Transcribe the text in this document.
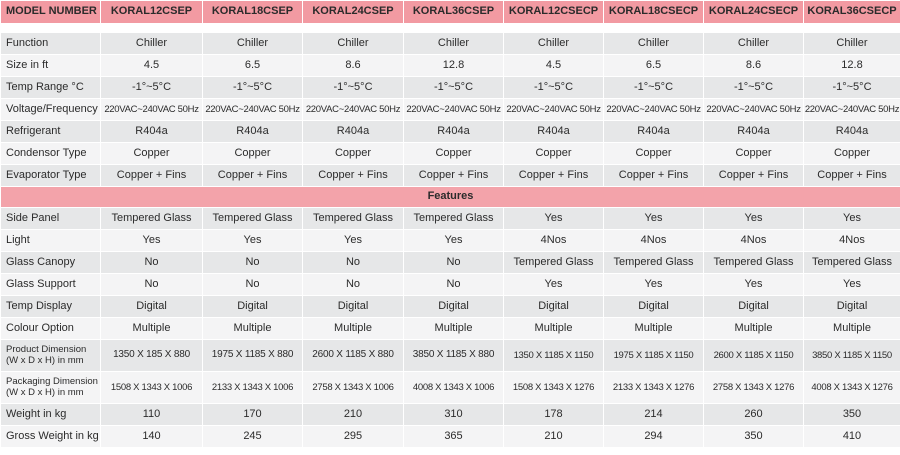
MODEL NUMBER	KORAL12CSEP	KORAL18CSEP	KORAL24CSEP	KORAL36CSEP	KORAL12CSECP	KORAL18CSECP	KORAL24CSECP	KORAL36CSECP

Function	Chiller	Chiller	Chiller	Chiller	Chiller	Chiller	Chiller	Chiller
Size in ft	4.5	6.5	8.6	12.8	4.5	6.5	8.6	12.8
Temp Range °C	-1°~5°C	-1°~5°C	-1°~5°C	-1°~5°C	-1°~5°C	-1°~5°C	-1°~5°C	-1°~5°C
Voltage/Frequency	220VAC~240VAC 50Hz	220VAC~240VAC 50Hz	220VAC~240VAC 50Hz	220VAC~240VAC 50Hz	220VAC~240VAC 50Hz	220VAC~240VAC 50Hz	220VAC~240VAC 50Hz	220VAC~240VAC 50Hz
Refrigerant	R404a	R404a	R404a	R404a	R404a	R404a	R404a	R404a
Condensor Type	Copper	Copper	Copper	Copper	Copper	Copper	Copper	Copper
Evaporator Type	Copper + Fins	Copper + Fins	Copper + Fins	Copper + Fins	Copper + Fins	Copper + Fins	Copper + Fins	Copper + Fins
Features								
Side Panel	Tempered Glass	Tempered Glass	Tempered Glass	Tempered Glass	Yes	Yes	Yes	Yes
Light	Yes	Yes	Yes	Yes	4Nos	4Nos	4Nos	4Nos
Glass Canopy	No	No	No	No	Tempered Glass	Tempered Glass	Tempered Glass	Tempered Glass
Glass Support	No	No	No	No	Yes	Yes	Yes	Yes
Temp Display	Digital	Digital	Digital	Digital	Digital	Digital	Digital	Digital
Colour Option	Multiple	Multiple	Multiple	Multiple	Multiple	Multiple	Multiple	Multiple
Product Dimension (W x D x H) in mm	1350 X 185 X 880	1975 X 1185 X 880	2600 X 1185 X 880	3850 X 1185 X 880	1350 X 1185 X 1150	1975 X 1185 X 1150	2600 X 1185 X 1150	3850 X 1185 X 1150
Packaging Dimension (W x D x H) in mm	1508 X 1343 X 1006	2133 X 1343 X 1006	2758 X 1343 X 1006	4008 X 1343 X 1006	1508 X 1343 X 1276	2133 X 1343 X 1276	2758 X 1343 X 1276	4008 X 1343 X 1276
Weight in kg	110	170	210	310	178	214	260	350
Gross Weight in kg	140	245	295	365	210	294	350	410
